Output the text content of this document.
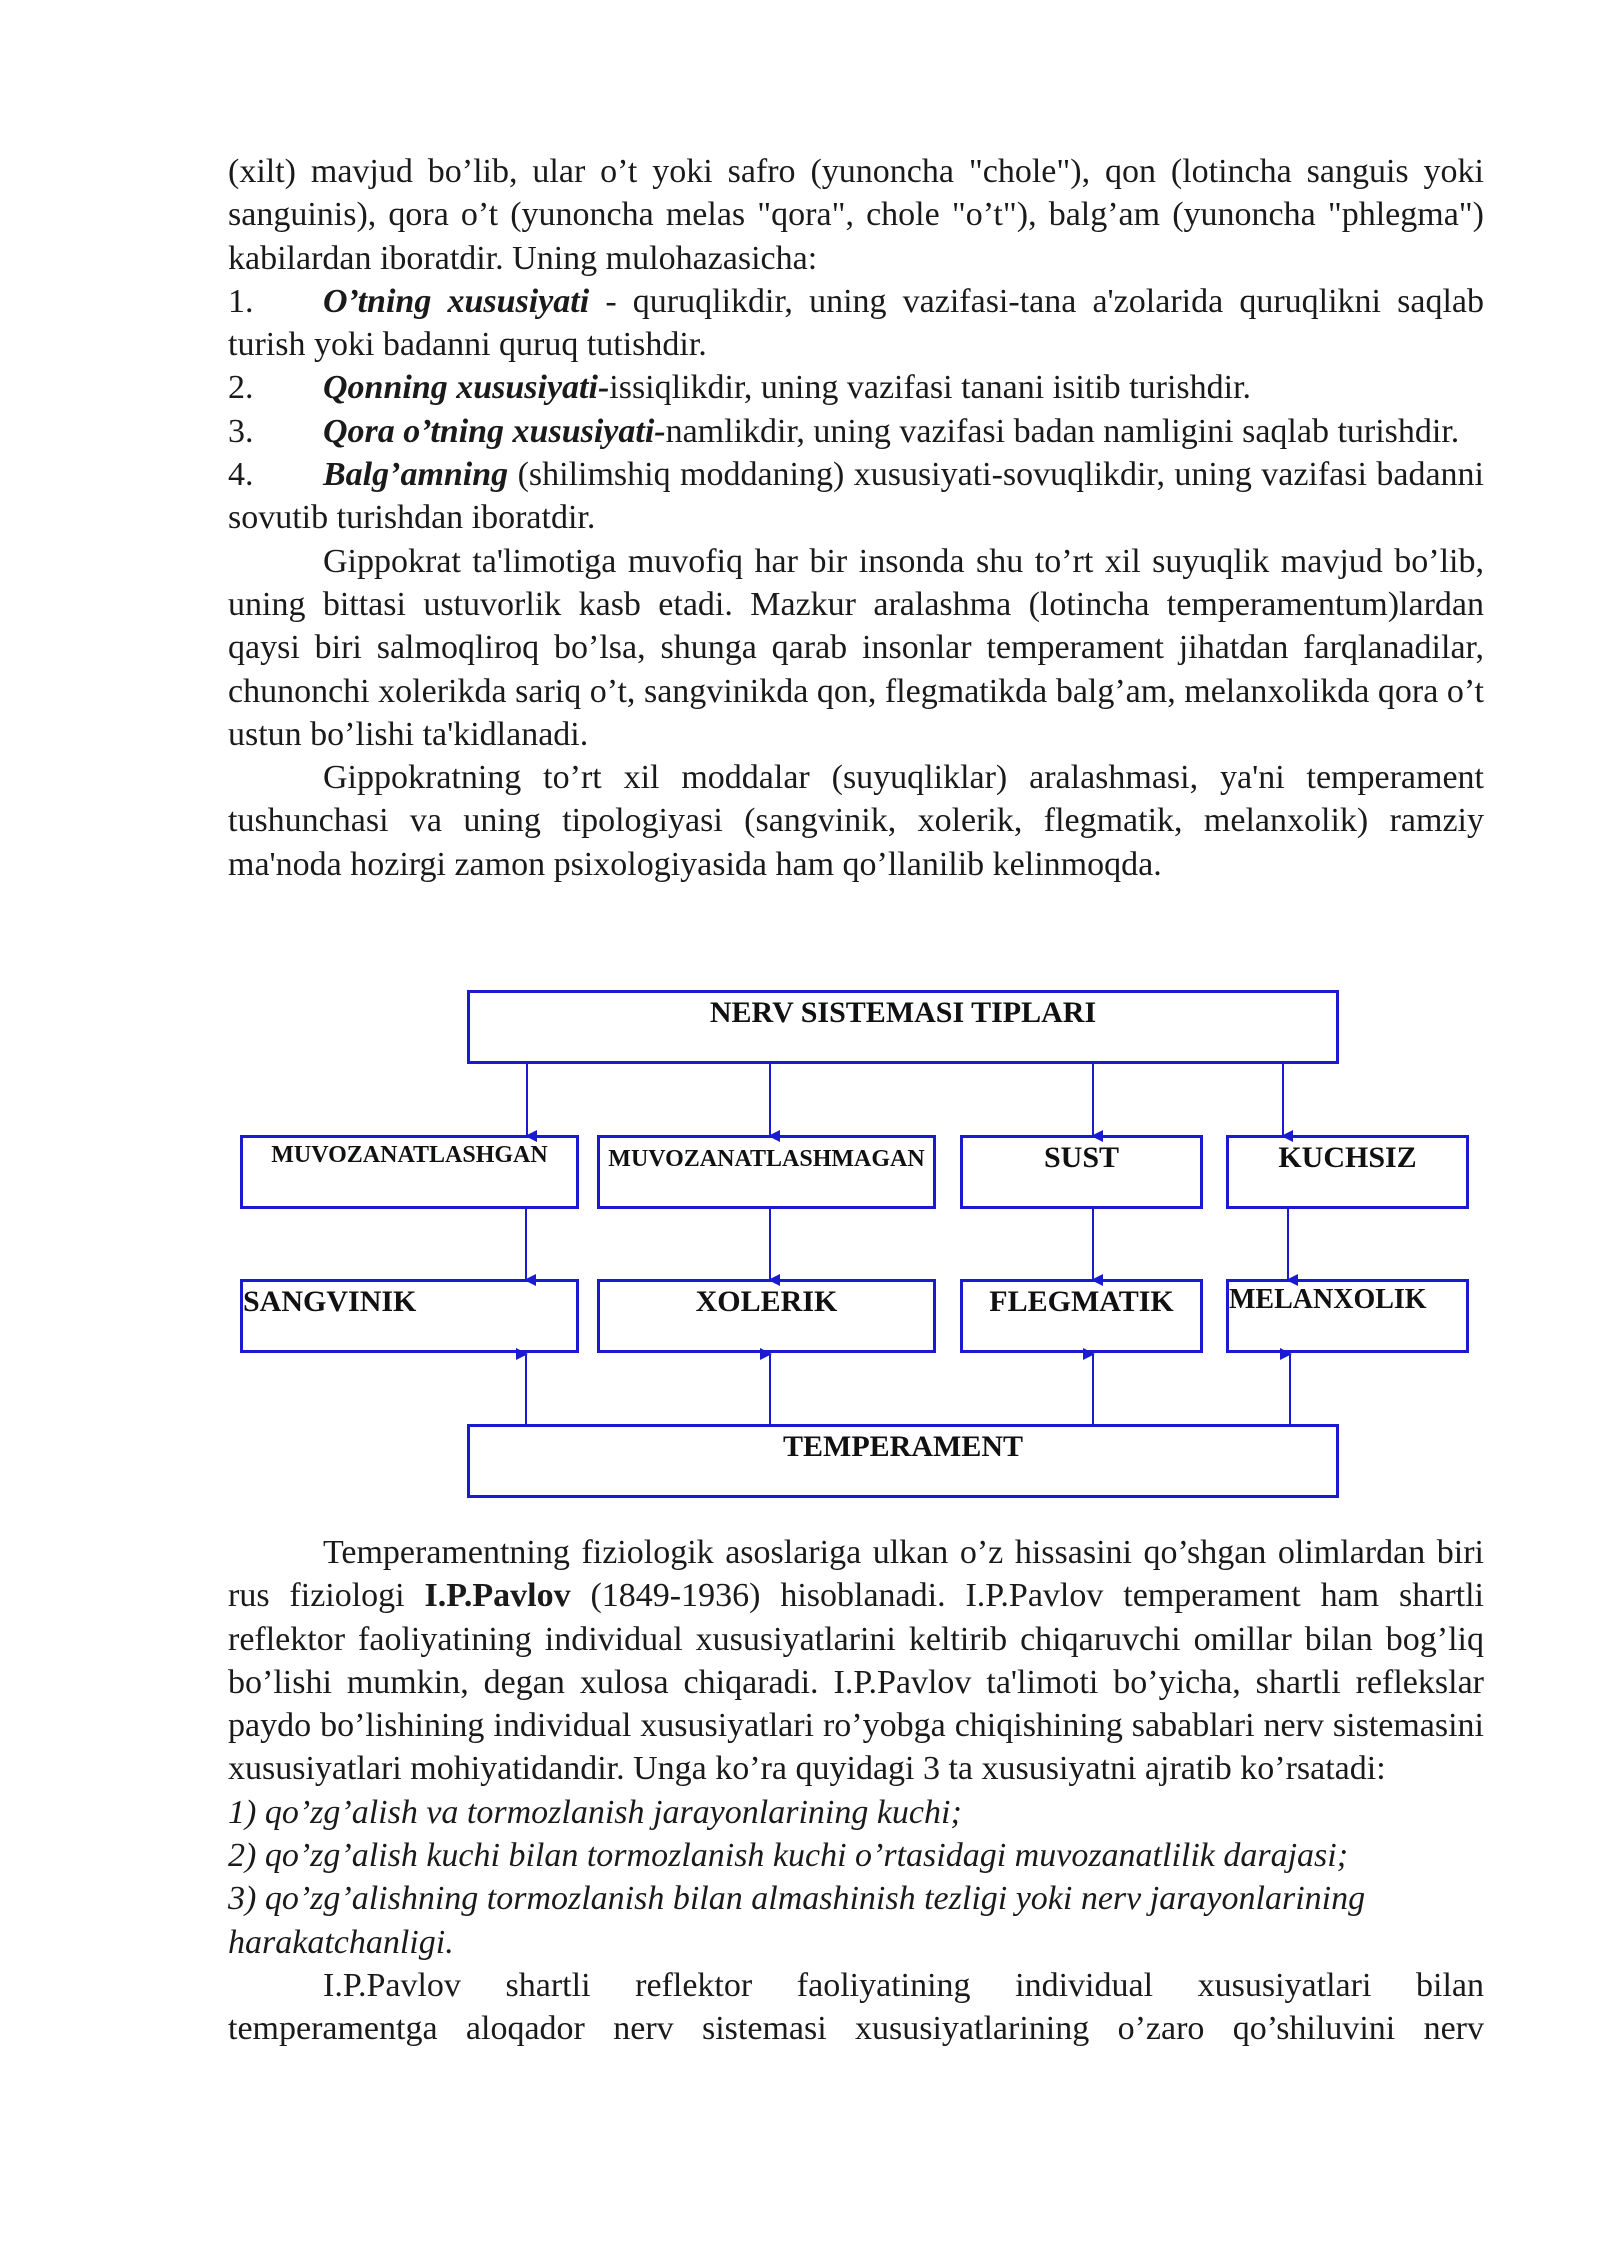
(xilt) mavjud bo’lib, ular o’t yoki safro (yunoncha "chole"), qon (lotincha sanguis yoki sanguinis), qora o’t (yunoncha melas "qora", chole "o’t"), balg’am (yunoncha "phlegma") kabilardan iboratdir. Uning mulohazasicha:

1. O’tning xususiyati - quruqlikdir, uning vazifasi-tana a'zolarida quruqlikni saqlab turish yoki badanni quruq tutishdir.

2. Qonning xususiyati-issiqlikdir, uning vazifasi tanani isitib turishdir.

3. Qora o’tning xususiyati-namlikdir, uning vazifasi badan namligini saqlab turishdir.

4. Balg’amning (shilimshiq moddaning) xususiyati-sovuqlikdir, uning vazifasi badanni sovutib turishdan iboratdir.

Gippokrat ta'limotiga muvofiq har bir insonda shu to’rt xil suyuqlik mavjud bo’lib, uning bittasi ustuvorlik kasb etadi. Mazkur aralashma (lotincha temperamentum)lardan qaysi biri salmoqliroq bo’lsa, shunga qarab insonlar temperament jihatdan farqlanadilar, chunonchi xolerikda sariq o’t, sangvinikda qon, flegmatikda balg’am, melanxolikda qora o’t ustun bo’lishi ta'kidlanadi.

Gippokratning to’rt xil moddalar (suyuqliklar) aralashmasi, ya'ni temperament tushunchasi va uning tipologiyasi (sangvinik, xolerik, flegmatik, melanxolik) ramziy ma'noda hozirgi zamon psixologiyasida ham qo’llanilib kelinmoqda.

NERV SISTEMASI TIPLARI
MUVOZANATLASHGAN	MUVOZANATLASHMAGAN	SUST	KUCHSIZ
SANGVINIK	XOLERIK	FLEGMATIK	MELANXOLIK
TEMPERAMENT

Temperamentning fiziologik asoslariga ulkan o’z hissasini qo’shgan olimlardan biri rus fiziologi I.P.Pavlov (1849-1936) hisoblanadi. I.P.Pavlov temperament ham shartli reflektor faoliyatining individual xususiyatlarini keltirib chiqaruvchi omillar bilan bog’liq bo’lishi mumkin, degan xulosa chiqaradi. I.P.Pavlov ta'limoti bo’yicha, shartli reflekslar paydo bo’lishining individual xususiyatlari ro’yobga chiqishining sabablari nerv sistemasini xususiyatlari mohiyatidandir. Unga ko’ra quyidagi 3 ta xususiyatni ajratib ko’rsatadi:

1) qo’zg’alish va tormozlanish jarayonlarining kuchi;

2) qo’zg’alish kuchi bilan tormozlanish kuchi o’rtasidagi muvozanatlilik darajasi;

3) qo’zg’alishning tormozlanish bilan almashinish tezligi yoki nerv jarayonlarining harakatchanligi.

I.P.Pavlov shartli reflektor faoliyatining individual xususiyatlari bilan temperamentga aloqador nerv sistemasi xususiyatlarining o’zaro qo’shiluvini nerv
